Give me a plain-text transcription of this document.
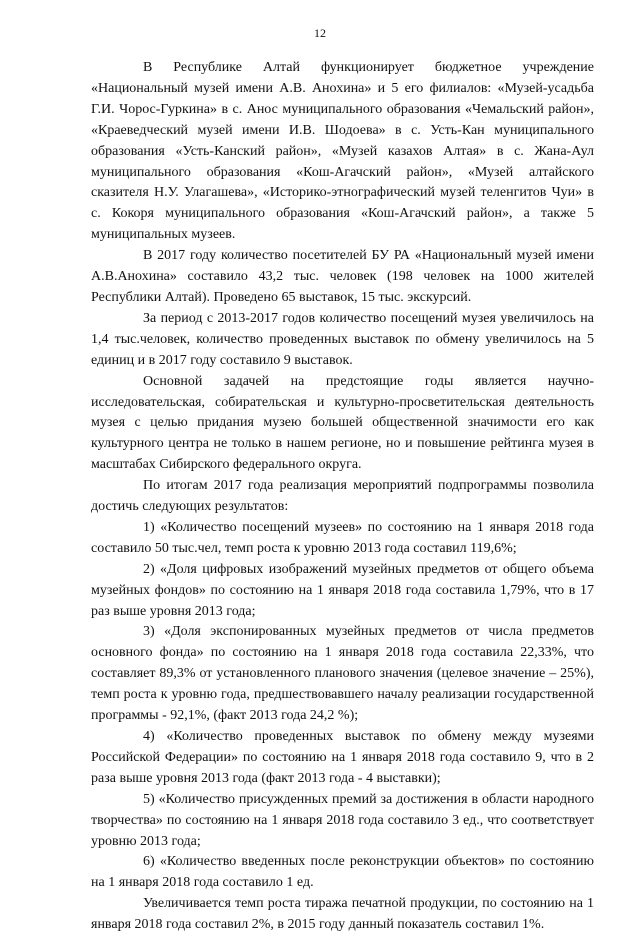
12

В Республике Алтай функционирует бюджетное учреждение «Национальный музей имени А.В. Анохина» и 5 его филиалов: «Музей-усадьба Г.И. Чорос-Гуркина» в с. Анос муниципального образования «Чемальский район», «Краеведческий музей имени И.В. Шодоева» в с. Усть-Кан муниципального образования «Усть-Канский район», «Музей казахов Алтая» в с. Жана-Аул муниципального образования «Кош-Агачский район», «Музей алтайского сказителя Н.У. Улагашева», «Историко-этнографический музей теленгитов Чуи» в с. Кокоря муниципального образования «Кош-Агачский район», а также 5 муниципальных музеев.

В 2017 году количество посетителей БУ РА «Национальный музей имени А.В.Анохина» составило 43,2 тыс. человек (198 человек на 1000 жителей Республики Алтай). Проведено 65 выставок, 15 тыс. экскурсий.

За период с 2013-2017 годов количество посещений музея увеличилось на 1,4 тыс.человек, количество проведенных выставок по обмену увеличилось на 5 единиц и в 2017 году составило 9 выставок.

Основной задачей на предстоящие годы является научно-исследовательская, собирательская и культурно-просветительская деятельность музея с целью придания музею большей общественной значимости его как культурного центра не только в нашем регионе, но и повышение рейтинга музея в масштабах Сибирского федерального округа.

По итогам 2017 года реализация мероприятий подпрограммы позволила достичь следующих результатов:

1) «Количество посещений музеев» по состоянию на 1 января 2018 года составило 50 тыс.чел, темп роста к уровню 2013 года составил 119,6%;

2) «Доля цифровых изображений музейных предметов от общего объема музейных фондов» по состоянию на 1 января 2018 года составила 1,79%, что в 17 раз выше уровня 2013 года;

3) «Доля экспонированных музейных предметов от числа предметов основного фонда» по состоянию на 1 января 2018 года составила 22,33%, что составляет 89,3% от установленного планового значения (целевое значение – 25%), темп роста к уровню года, предшествовавшего началу реализации государственной программы - 92,1%, (факт 2013 года 24,2 %);

4) «Количество проведенных выставок по обмену между музеями Российской Федерации» по состоянию на 1 января 2018 года составило 9, что в 2 раза выше уровня 2013 года (факт 2013 года - 4 выставки);

5) «Количество присужденных премий за достижения в области народного творчества» по состоянию на 1 января 2018 года составило 3 ед., что соответствует уровню 2013 года;

6) «Количество введенных после реконструкции объектов» по состоянию на 1 января 2018 года составило 1 ед.

Увеличивается темп роста тиража печатной продукции, по состоянию на 1 января 2018 года составил 2%, в 2015 году данный показатель составил 1%.
